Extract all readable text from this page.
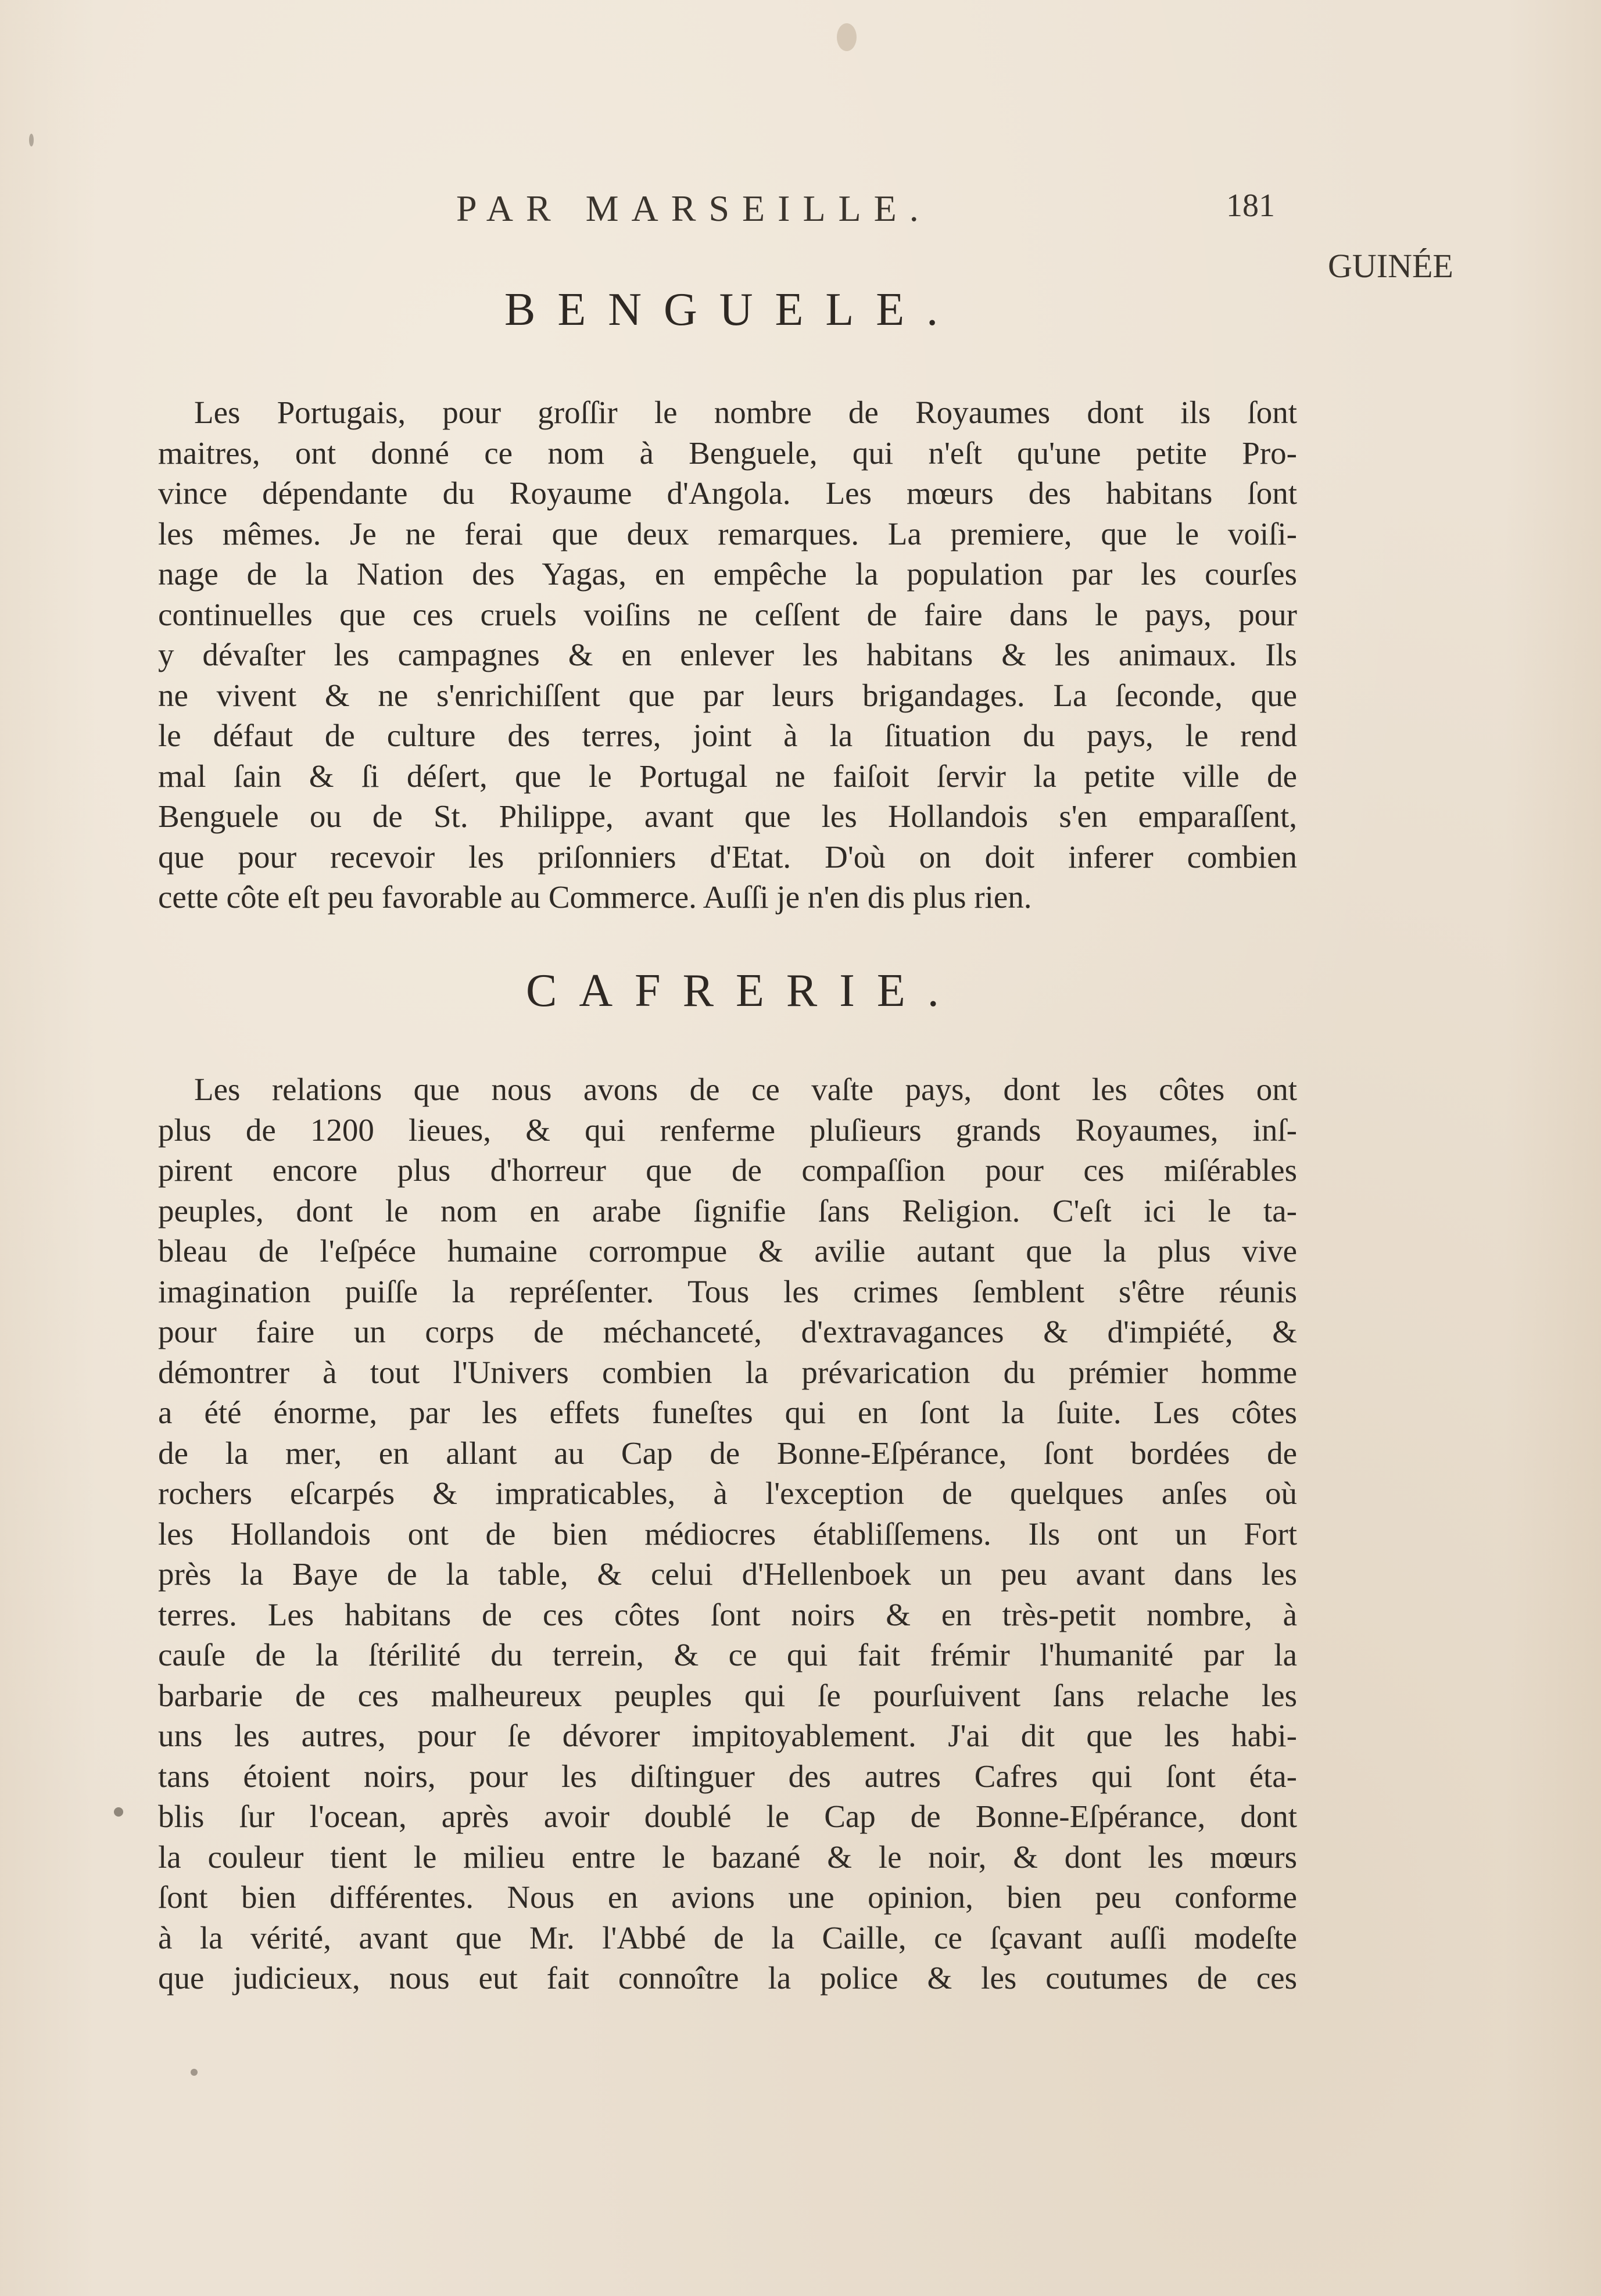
PAR MARSEILLE.	181
GUINÉE
BENGUELE.
Les Portugais, pour groſſir le nombre de Royaumes dont ils ſont
maitres, ont donné ce nom à Benguele, qui n'eſt qu'une petite Pro-
vince dépendante du Royaume d'Angola. Les mœurs des habitans ſont
les mêmes. Je ne ferai que deux remarques. La premiere, que le voiſi-
nage de la Nation des Yagas, en empêche la population par les courſes
continuelles que ces cruels voiſins ne ceſſent de faire dans le pays, pour
y dévaſter les campagnes & en enlever les habitans & les animaux. Ils
ne vivent & ne s'enrichiſſent que par leurs brigandages. La ſeconde, que
le défaut de culture des terres, joint à la ſituation du pays, le rend
mal ſain & ſi déſert, que le Portugal ne faiſoit ſervir la petite ville de
Benguele ou de St. Philippe, avant que les Hollandois s'en emparaſſent,
que pour recevoir les priſonniers d'Etat. D'où on doit inferer combien
cette côte eſt peu favorable au Commerce. Auſſi je n'en dis plus rien.
CAFRERIE.
Les relations que nous avons de ce vaſte pays, dont les côtes ont
plus de 1200 lieues, & qui renferme pluſieurs grands Royaumes, inſ-
pirent encore plus d'horreur que de compaſſion pour ces miſérables
peuples, dont le nom en arabe ſignifie ſans Religion. C'eſt ici le ta-
bleau de l'eſpéce humaine corrompue & avilie autant que la plus vive
imagination puiſſe la repréſenter. Tous les crimes ſemblent s'être réunis
pour faire un corps de méchanceté, d'extravagances & d'impiété, &
démontrer à tout l'Univers combien la prévarication du prémier homme
a été énorme, par les effets funeſtes qui en ſont la ſuite. Les côtes
de la mer, en allant au Cap de Bonne-Eſpérance, ſont bordées de
rochers eſcarpés & impraticables, à l'exception de quelques anſes où
les Hollandois ont de bien médiocres établiſſemens. Ils ont un Fort
près la Baye de la table, & celui d'Hellenboek un peu avant dans les
terres. Les habitans de ces côtes ſont noirs & en très-petit nombre, à
cauſe de la ſtérilité du terrein, & ce qui fait frémir l'humanité par la
barbarie de ces malheureux peuples qui ſe pourſuivent ſans relache les
uns les autres, pour ſe dévorer impitoyablement. J'ai dit que les habi-
tans étoient noirs, pour les diſtinguer des autres Cafres qui ſont éta-
blis ſur l'ocean, après avoir doublé le Cap de Bonne-Eſpérance, dont
la couleur tient le milieu entre le bazané & le noir, & dont les mœurs
ſont bien différentes. Nous en avions une opinion, bien peu conforme
à la vérité, avant que Mr. l'Abbé de la Caille, ce ſçavant auſſi modeſte
que judicieux, nous eut fait connoître la police & les coutumes de ces
